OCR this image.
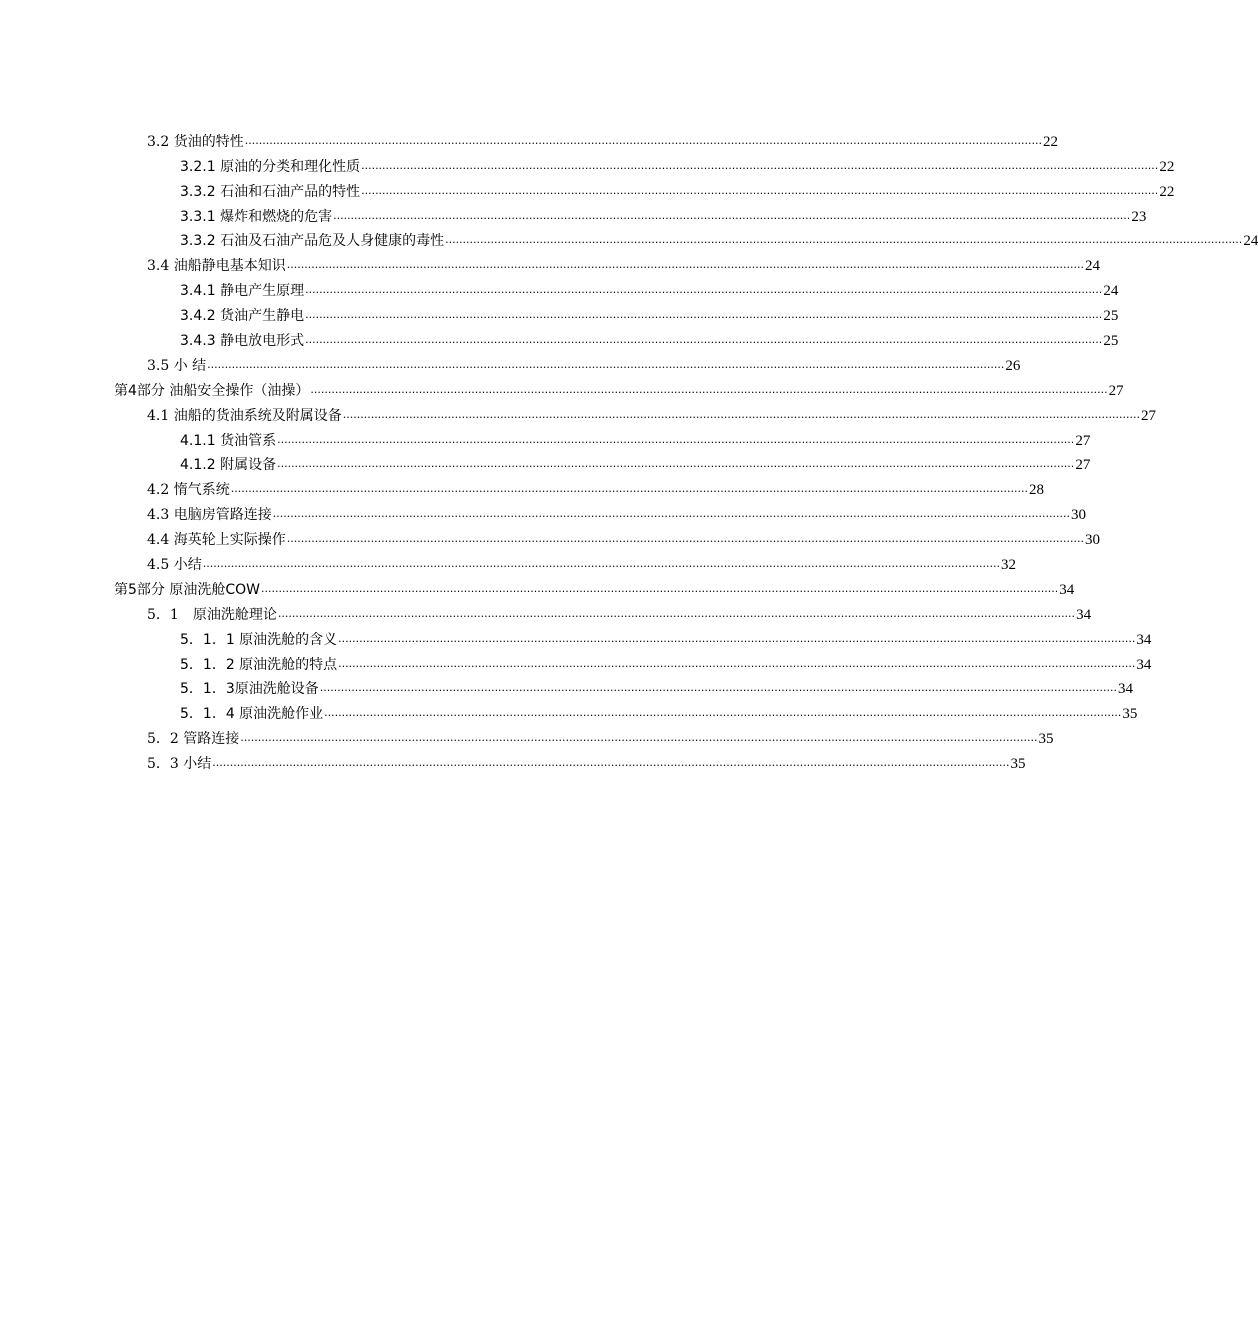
3.2 货油的特性 .................................................................................................................................................................................................................................... 22
3.2.1 原油的分类和理化性质 .................................................................................................................................................................................................................................... 22
3.3.2 石油和石油产品的特性 .................................................................................................................................................................................................................................... 22
3.3.1 爆炸和燃烧的危害 .................................................................................................................................................................................................................................... 23
3.3.2 石油及石油产品危及人身健康的毒性 .................................................................................................................................................................................................................................... 24
3.4 油船静电基本知识 .................................................................................................................................................................................................................................... 24
3.4.1 静电产生原理 .................................................................................................................................................................................................................................... 24
3.4.2 货油产生静电 .................................................................................................................................................................................................................................... 25
3.4.3 静电放电形式 .................................................................................................................................................................................................................................... 25
3.5 小 结 .................................................................................................................................................................................................................................... 26
第4部分 油船安全操作（油操） .................................................................................................................................................................................................................................... 27
4.1 油船的货油系统及附属设备 .................................................................................................................................................................................................................................... 27
4.1.1 货油管系 .................................................................................................................................................................................................................................... 27
4.1.2 附属设备 .................................................................................................................................................................................................................................... 27
4.2 惰气系统 .................................................................................................................................................................................................................................... 28
4.3 电脑房管路连接 .................................................................................................................................................................................................................................... 30
4.4 海英轮上实际操作 .................................................................................................................................................................................................................................... 30
4.5 小结 .................................................................................................................................................................................................................................... 32
第5部分 原油洗舱COW .................................................................................................................................................................................................................................... 34
5．1　原油洗舱理论 .................................................................................................................................................................................................................................... 34
5．1．1 原油洗舱的含义 .................................................................................................................................................................................................................................... 34
5．1．2 原油洗舱的特点 .................................................................................................................................................................................................................................... 34
5．1．3原油洗舱设备 .................................................................................................................................................................................................................................... 34
5．1．4 原油洗舱作业 .................................................................................................................................................................................................................................... 35
5．2 管路连接 .................................................................................................................................................................................................................................... 35
5．3 小结 .................................................................................................................................................................................................................................... 35
